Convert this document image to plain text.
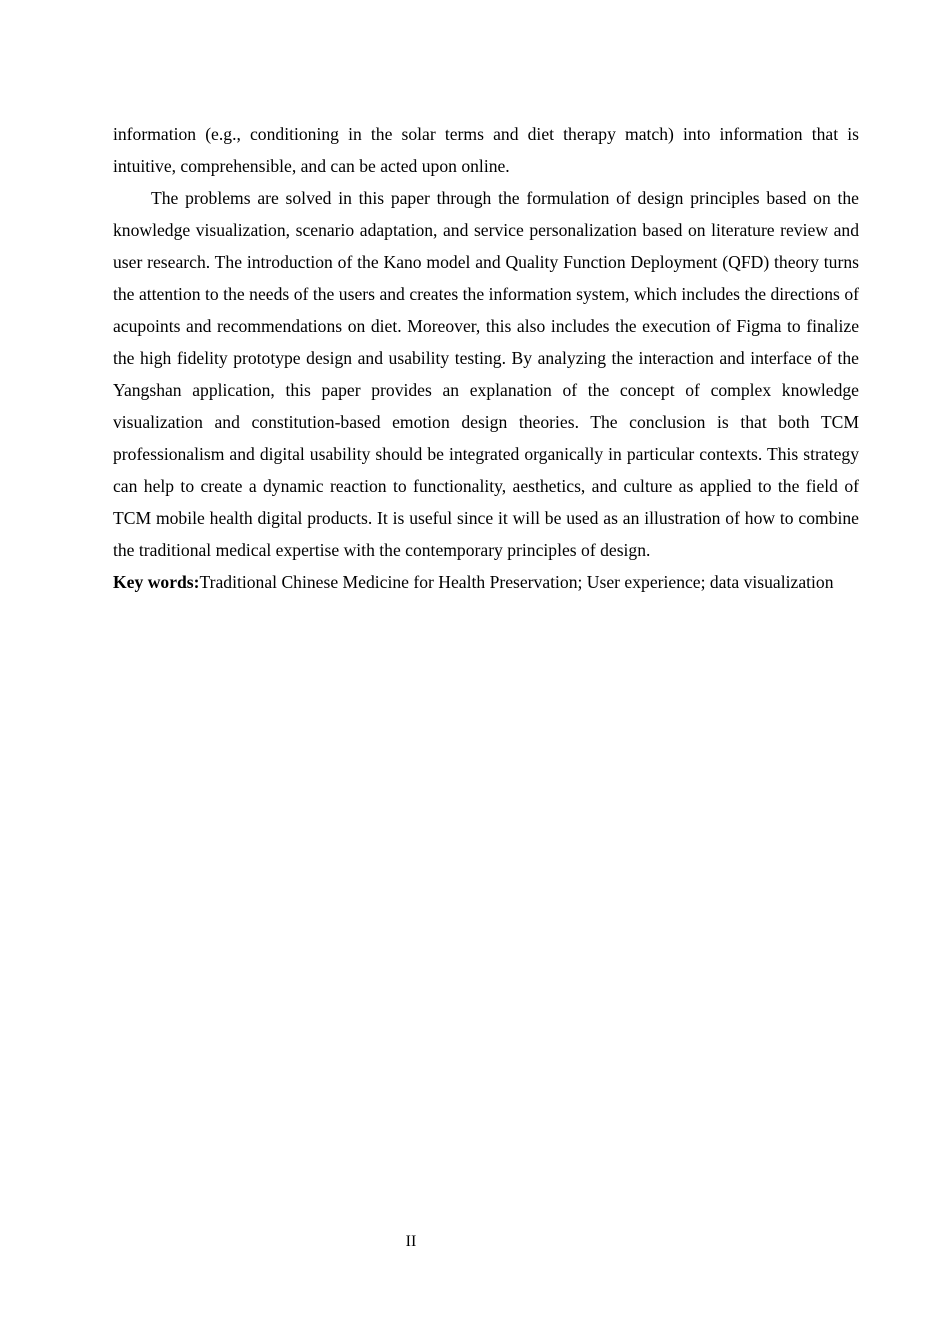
information (e.g., conditioning in the solar terms and diet therapy match) into information that is intuitive, comprehensible, and can be acted upon online.

The problems are solved in this paper through the formulation of design principles based on the knowledge visualization, scenario adaptation, and service personalization based on literature review and user research. The introduction of the Kano model and Quality Function Deployment (QFD) theory turns the attention to the needs of the users and creates the information system, which includes the directions of acupoints and recommendations on diet. Moreover, this also includes the execution of Figma to finalize the high fidelity prototype design and usability testing. By analyzing the interaction and interface of the Yangshan application, this paper provides an explanation of the concept of complex knowledge visualization and constitution-based emotion design theories. The conclusion is that both TCM professionalism and digital usability should be integrated organically in particular contexts. This strategy can help to create a dynamic reaction to functionality, aesthetics, and culture as applied to the field of TCM mobile health digital products. It is useful since it will be used as an illustration of how to combine the traditional medical expertise with the contemporary principles of design.

Key words:Traditional Chinese Medicine for Health Preservation; User experience; data visualization

II
